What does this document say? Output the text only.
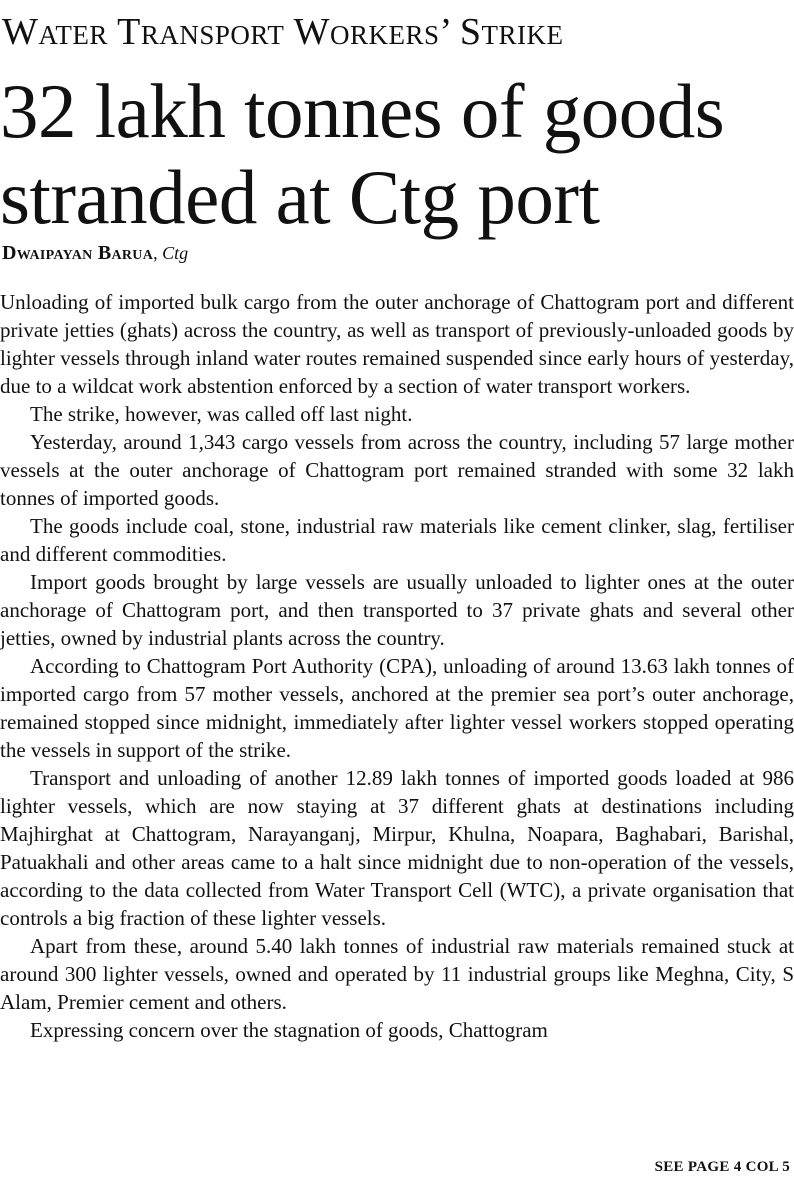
Water Transport Workers’ Strike
32 lakh tonnes of goods stranded at Ctg port
Dwaipayan Barua, Ctg

Unloading of imported bulk cargo from the outer anchorage of Chattogram port and different private jetties (ghats) across the country, as well as transport of previously-unloaded goods by lighter vessels through inland water routes remained suspended since early hours of yesterday, due to a wildcat work abstention enforced by a section of water transport workers.

The strike, however, was called off last night.

Yesterday, around 1,343 cargo vessels from across the country, including 57 large mother vessels at the outer anchorage of Chattogram port remained stranded with some 32 lakh tonnes of imported goods.

The goods include coal, stone, industrial raw materials like cement clinker, slag, fertiliser and different commodities.

Import goods brought by large vessels are usually unloaded to lighter ones at the outer anchorage of Chattogram port, and then transported to 37 private ghats and several other jetties, owned by industrial plants across the country.

According to Chattogram Port Authority (CPA), unloading of around 13.63 lakh tonnes of imported cargo from 57 mother vessels, anchored at the premier sea port’s outer anchorage, remained stopped since midnight, immediately after lighter vessel workers stopped operating the vessels in support of the strike.

Transport and unloading of another 12.89 lakh tonnes of imported goods loaded at 986 lighter vessels, which are now staying at 37 different ghats at destinations including Majhirghat at Chattogram, Narayanganj, Mirpur, Khulna, Noapara, Baghabari, Barishal, Patuakhali and other areas came to a halt since midnight due to non-operation of the vessels, according to the data collected from Water Transport Cell (WTC), a private organisation that controls a big fraction of these lighter vessels.

Apart from these, around 5.40 lakh tonnes of industrial raw materials remained stuck at around 300 lighter vessels, owned and operated by 11 industrial groups like Meghna, City, S Alam, Premier cement and others.

Expressing concern over the stagnation of goods, Chattogram

SEE PAGE 4 COL 5
